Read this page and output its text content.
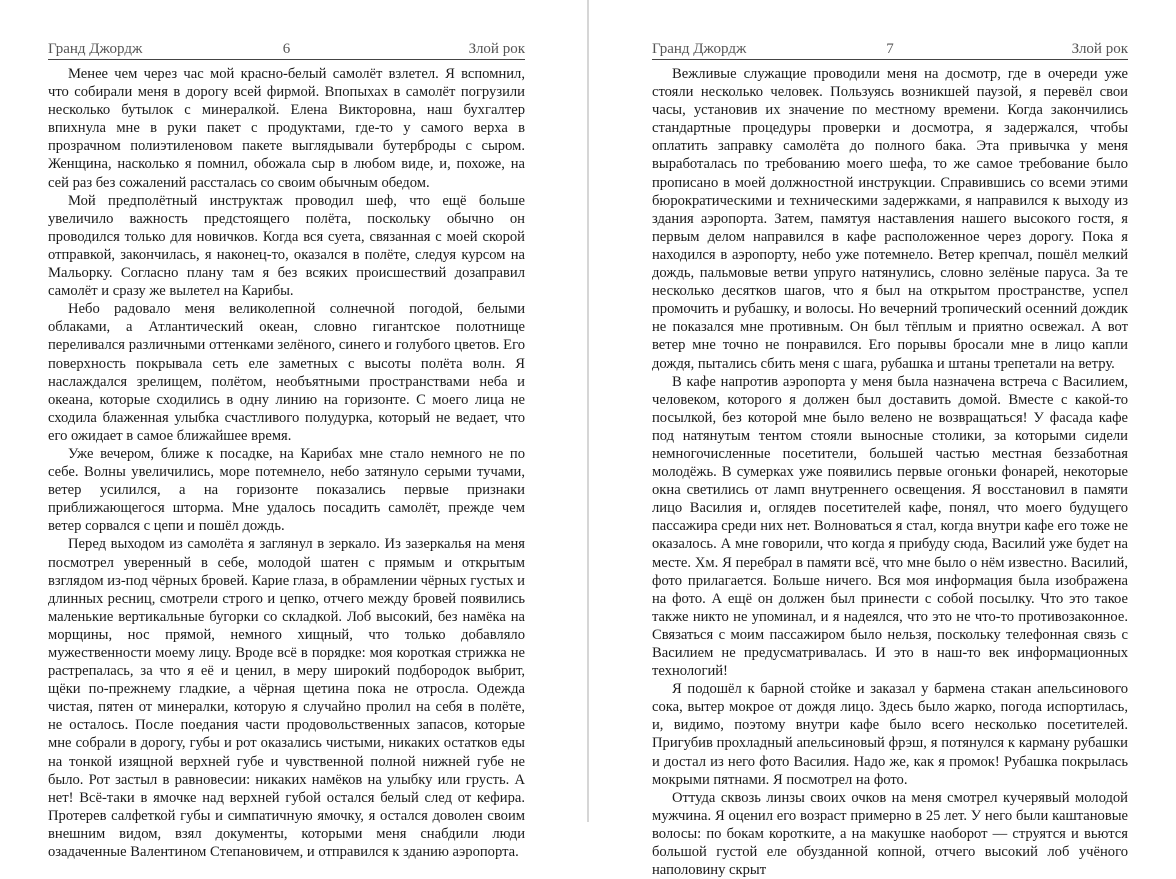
Гранд Джордж	6	Злой рок

Менее чем через час мой красно-белый самолёт взлетел. Я вспомнил, что собирали меня в дорогу всей фирмой. Впопыхах в самолёт погрузили несколько бутылок с минералкой. Елена Викторовна, наш бухгалтер впихнула мне в руки пакет с продуктами, где-то у самого верха в прозрачном полиэтиленовом пакете выглядывали бутерброды с сыром. Женщина, насколько я помнил, обожала сыр в любом виде, и, похоже, на сей раз без сожалений рассталась со своим обычным обедом.

Мой предполётный инструктаж проводил шеф, что ещё больше увеличило важность предстоящего полёта, поскольку обычно он проводился только для новичков. Когда вся суета, связанная с моей скорой отправкой, закончилась, я наконец-то, оказался в полёте, следуя курсом на Мальорку. Согласно плану там я без всяких происшествий дозаправил самолёт и сразу же вылетел на Карибы.

Небо радовало меня великолепной солнечной погодой, белыми облаками, а Атлантический океан, словно гигантское полотнище переливался различными оттенками зелёного, синего и голубого цветов. Его поверхность покрывала сеть еле заметных с высоты полёта волн. Я наслаждался зрелищем, полётом, необъятными пространствами неба и океана, которые сходились в одну линию на горизонте. С моего лица не сходила блаженная улыбка счастливого полудурка, который не ведает, что его ожидает в самое ближайшее время.

Уже вечером, ближе к посадке, на Карибах мне стало немного не по себе. Волны увеличились, море потемнело, небо затянуло серыми тучами, ветер усилился, а на горизонте показались первые признаки приближающегося шторма. Мне удалось посадить самолёт, прежде чем ветер сорвался с цепи и пошёл дождь.

Перед выходом из самолёта я заглянул в зеркало. Из зазеркалья на меня посмотрел уверенный в себе, молодой шатен с прямым и открытым взглядом из-под чёрных бровей. Карие глаза, в обрамлении чёрных густых и длинных ресниц, смотрели строго и цепко, отчего между бровей появились маленькие вертикальные бугорки со складкой. Лоб высокий, без намёка на морщины, нос прямой, немного хищный, что только добавляло мужественности моему лицу. Вроде всё в порядке: моя короткая стрижка не растрепалась, за что я её и ценил, в меру широкий подбородок выбрит, щёки по-прежнему гладкие, а чёрная щетина пока не отросла. Одежда чистая, пятен от минералки, которую я случайно пролил на себя в полёте, не осталось. После поедания части продовольственных запасов, которые мне собрали в дорогу, губы и рот оказались чистыми, никаких остатков еды на тонкой изящной верхней губе и чувственной полной нижней губе не было. Рот застыл в равновесии: никаких намёков на улыбку или грусть. А нет! Всё-таки в ямочке над верхней губой остался белый след от кефира. Протерев салфеткой губы и симпатичную ямочку, я остался доволен своим внешним видом, взял документы, которыми меня снабдили люди озадаченные Валентином Степановичем, и отправился к зданию аэропорта.

Гранд Джордж	7	Злой рок

Вежливые служащие проводили меня на досмотр, где в очереди уже стояли несколько человек. Пользуясь возникшей паузой, я перевёл свои часы, установив их значение по местному времени. Когда закончились стандартные процедуры проверки и досмотра, я задержался, чтобы оплатить заправку самолёта до полного бака. Эта привычка у меня выработалась по требованию моего шефа, то же самое требование было прописано в моей должностной инструкции. Справившись со всеми этими бюрократическими и техническими задержками, я направился к выходу из здания аэропорта. Затем, памятуя наставления нашего высокого гостя, я первым делом направился в кафе расположенное через дорогу. Пока я находился в аэропорту, небо уже потемнело. Ветер крепчал, пошёл мелкий дождь, пальмовые ветви упруго натянулись, словно зелёные паруса. За те несколько десятков шагов, что я был на открытом пространстве, успел промочить и рубашку, и волосы. Но вечерний тропический осенний дождик не показался мне противным. Он был тёплым и приятно освежал. А вот ветер мне точно не понравился. Его порывы бросали мне в лицо капли дождя, пытались сбить меня с шага, рубашка и штаны трепетали на ветру.

В кафе напротив аэропорта у меня была назначена встреча с Василием, человеком, которого я должен был доставить домой. Вместе с какой-то посылкой, без которой мне было велено не возвращаться! У фасада кафе под натянутым тентом стояли выносные столики, за которыми сидели немногочисленные посетители, большей частью местная беззаботная молодёжь. В сумерках уже появились первые огоньки фонарей, некоторые окна светились от ламп внутреннего освещения. Я восстановил в памяти лицо Василия и, оглядев посетителей кафе, понял, что моего будущего пассажира среди них нет. Волноваться я стал, когда внутри кафе его тоже не оказалось. А мне говорили, что когда я прибуду сюда, Василий уже будет на месте. Хм. Я перебрал в памяти всё, что мне было о нём известно. Василий, фото прилагается. Больше ничего. Вся моя информация была изображена на фото. А ещё он должен был принести с собой посылку. Что это такое также никто не упоминал, и я надеялся, что это не что-то противозаконное. Связаться с моим пассажиром было нельзя, поскольку телефонная связь с Василием не предусматривалась. И это в наш-то век информационных технологий!

Я подошёл к барной стойке и заказал у бармена стакан апельсинового сока, вытер мокрое от дождя лицо. Здесь было жарко, погода испортилась, и, видимо, поэтому внутри кафе было всего несколько посетителей. Пригубив прохладный апельсиновый фрэш, я потянулся к карману рубашки и достал из него фото Василия. Надо же, как я промок! Рубашка покрылась мокрыми пятнами. Я посмотрел на фото.

Оттуда сквозь линзы своих очков на меня смотрел кучерявый молодой мужчина. Я оценил его возраст примерно в 25 лет. У него были каштановые волосы: по бокам коротките, а на макушке наоборот — струятся и вьются большой густой еле обузданной копной, отчего высокий лоб учёного наполовину скрыт
